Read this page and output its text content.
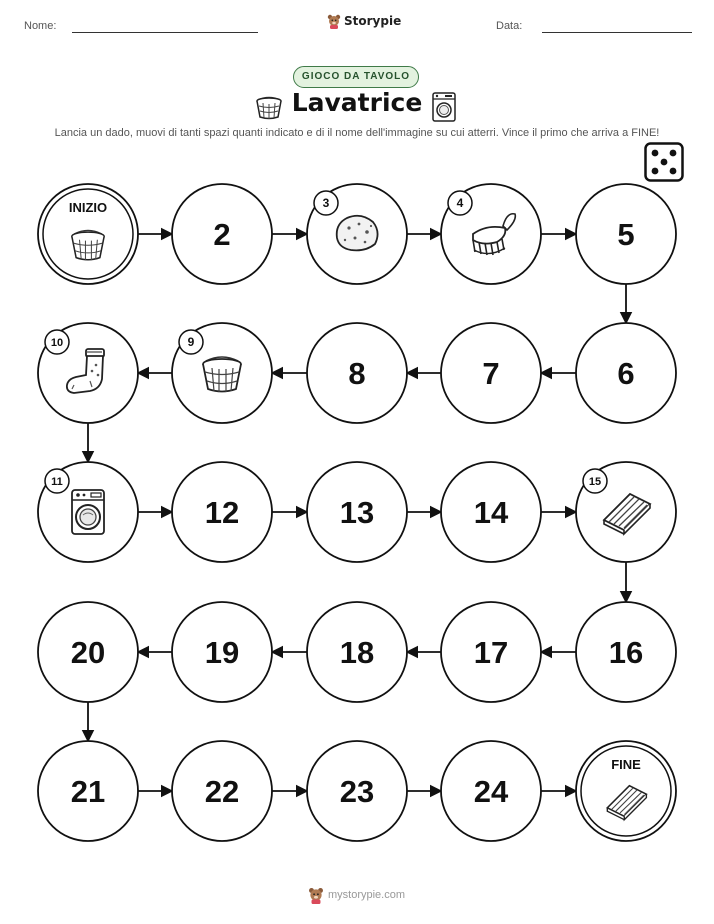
Nome:	Storypie	Data:
GIOCO DA TAVOLO
Lavatrice
Lancia un dado, muovi di tanti spazi quanti indicato e di il nome dell'immagine su cui atterri. Vince il primo che arriva a FINE!
INIZIO
2
3	4
5
6
7
8
9
10
11
12	13	14
15
16
17
18
19
20
21	22	23	24
FINE
mystorypie.com
